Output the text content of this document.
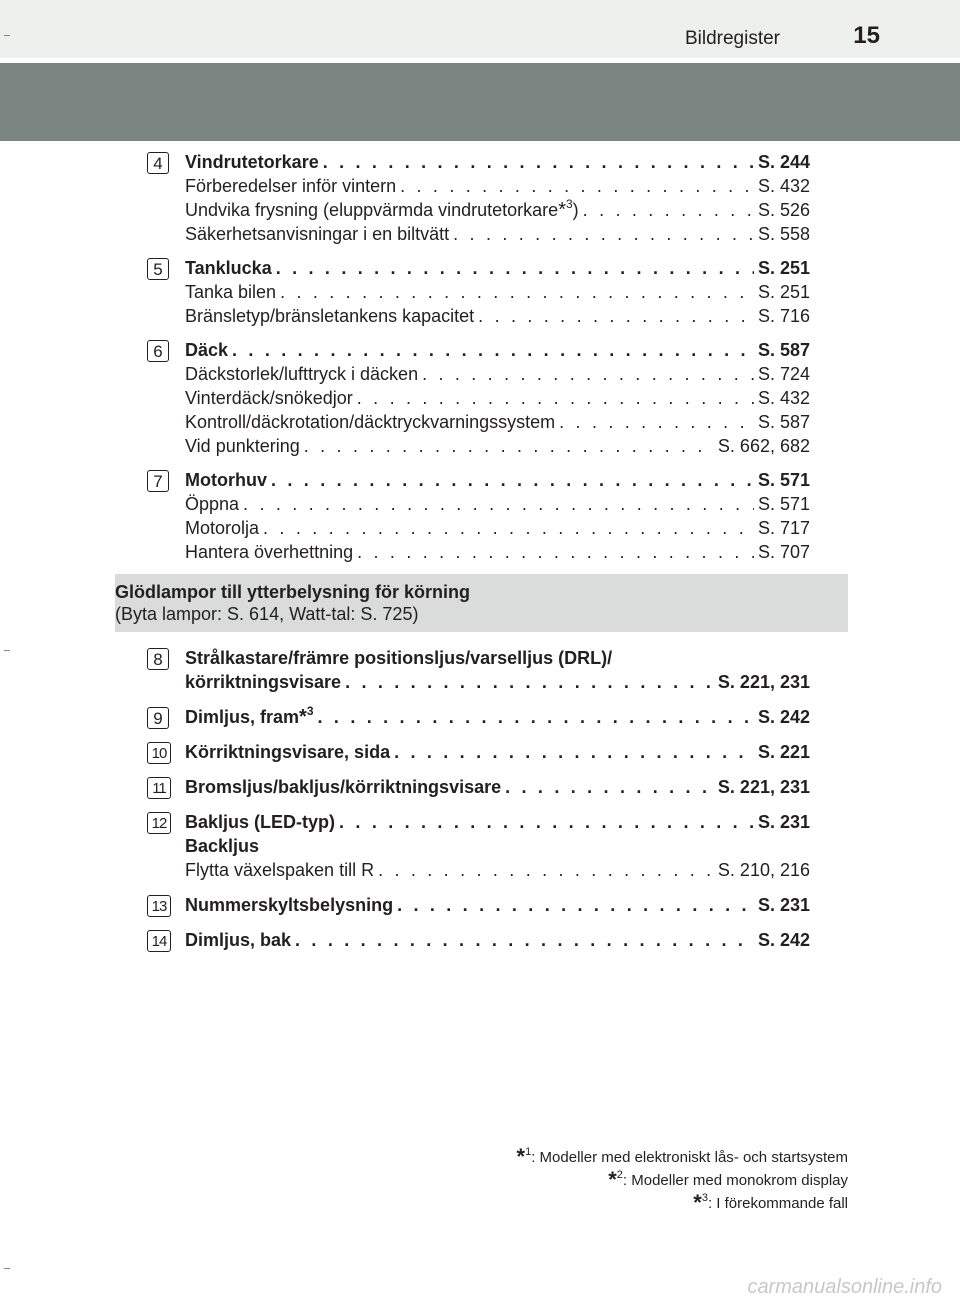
Bildregister	15
4	Vindrutetorkare . . .	S. 244
Förberedelser inför vintern . . .	S. 432
Undvika frysning (eluppvärmda vindrutetorkare*$^3$) . . .	S. 526
Säkerhetsanvisningar i en biltvätt . . .	S. 558
5	Tanklucka . . .	S. 251
Tanka bilen . . .	S. 251
Bränsletyp/bränsletankens kapacitet . . .	S. 716
6	Däck . . .	S. 587
Däckstorlek/lufttryck i däcken . . .	S. 724
Vinterdäck/snökedjor . . .	S. 432
Kontroll/däckrotation/däcktryckvarningssystem . . .	S. 587
Vid punktering . . .	S. 662, 682
7	Motorhuv . . .	S. 571
Öppna . . .	S. 571
Motorolja . . .	S. 717
Hantera överhettning . . .	S. 707
Glödlampor till ytterbelysning för körning
(Byta lampor: S. 614, Watt-tal: S. 725)
8	Strålkastare/främre positionsljus/varselljus (DRL)/
körriktningsvisare . . .	S. 221, 231
9	Dimljus, fram*$^3$ . . .	S. 242
10 Körriktningsvisare, sida . . .	S. 221
11 Bromsljus/bakljus/körriktningsvisare . . .	S. 221, 231
12 Bakljus (LED-typ) . . .	S. 231
Backljus
Flytta växelspaken till R . . .	S. 210, 216
13 Nummerskyltsbelysning . . .	S. 231
14 Dimljus, bak . . .	S. 242
*$^1$: Modeller med elektroniskt lås- och startsystem
*$^2$: Modeller med monokrom display
*$^3$: I förekommande fall
carmanualsonline.info
